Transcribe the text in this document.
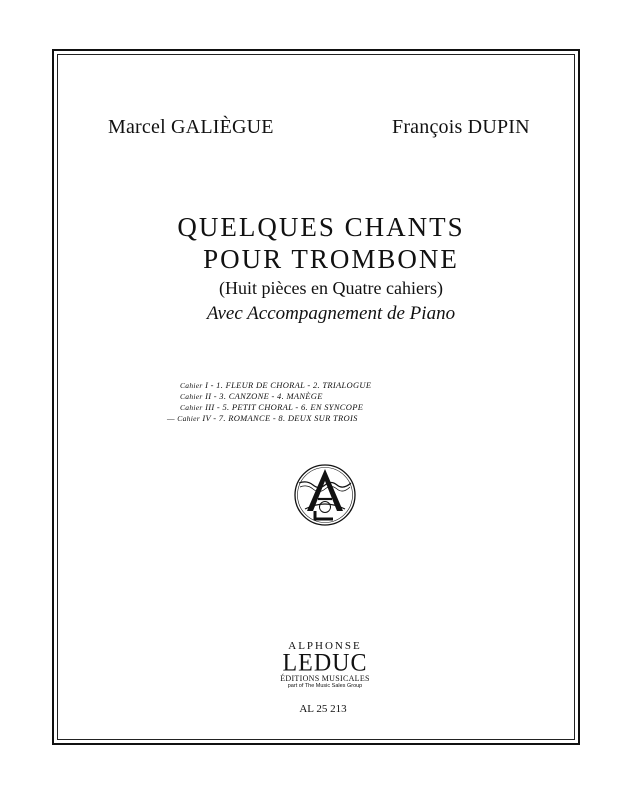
Marcel GALIÈGUE	François DUPIN
QUELQUES CHANTS
POUR TROMBONE
(Huit pièces en Quatre cahiers)
Avec Accompagnement de Piano
Cahier I - 1. FLEUR DE CHORAL - 2. TRIALOGUE
Cahier II - 3. CANZONE - 4. MANÈGE
Cahier III - 5. PETIT CHORAL - 6. EN SYNCOPE
— Cahier IV - 7. ROMANCE - 8. DEUX SUR TROIS
ALPHONSE
LEDUC
ÉDITIONS MUSICALES
part of The Music Sales Group
AL 25 213
